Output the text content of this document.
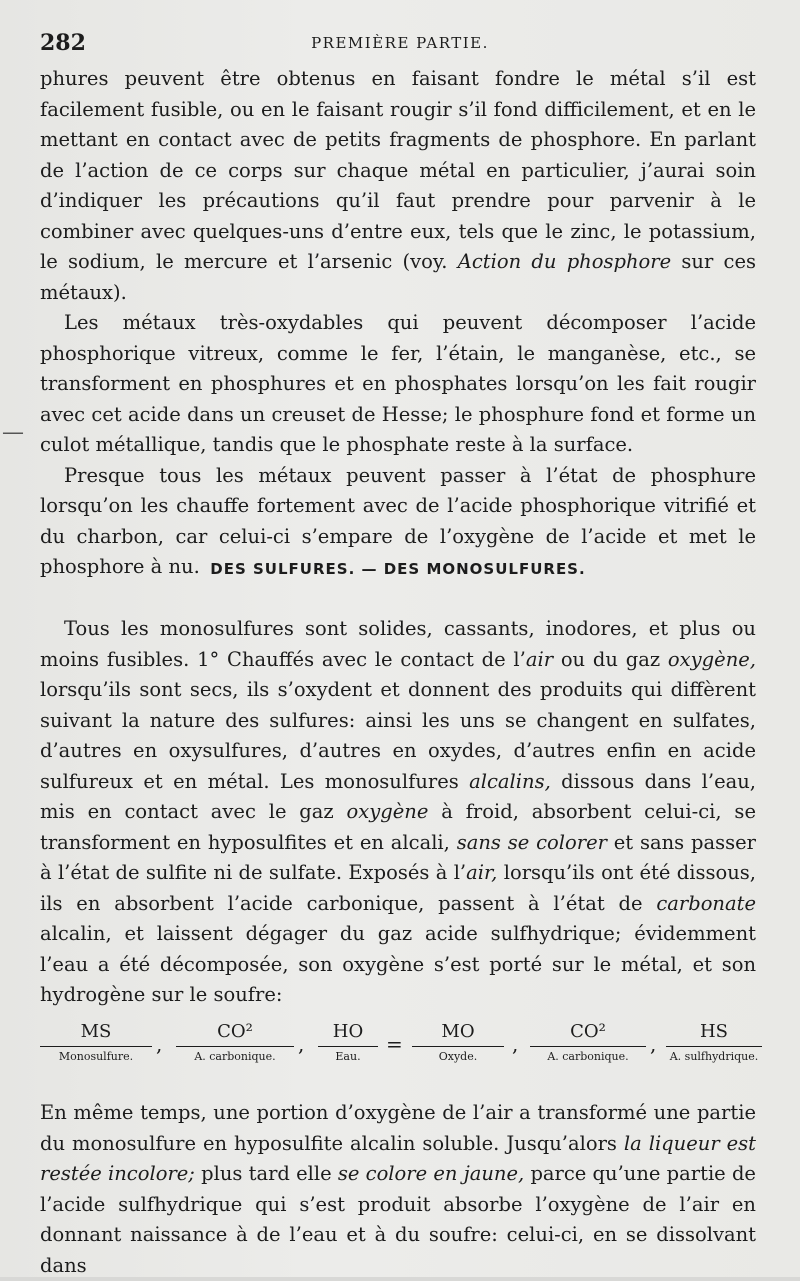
282	PREMIÈRE PARTIE.
—

phures peuvent être obtenus en faisant fondre le métal s’il est facilement fusible, ou en le faisant rougir s’il fond difficilement, et en le mettant en contact avec de petits fragments de phosphore. En parlant de l’action de ce corps sur chaque métal en particulier, j’aurai soin d’indiquer les précautions qu’il faut prendre pour parvenir à le combiner avec quelques-uns d’entre eux, tels que le zinc, le potassium, le sodium, le mercure et l’arsenic (voy. Action du phosphore sur ces métaux).

Les métaux très-oxydables qui peuvent décomposer l’acide phosphorique vitreux, comme le fer, l’étain, le manganèse, etc., se transforment en phosphures et en phosphates lorsqu’on les fait rougir avec cet acide dans un creuset de Hesse; le phosphure fond et forme un culot métallique, tandis que le phosphate reste à la surface.

Presque tous les métaux peuvent passer à l’état de phosphure lorsqu’on les chauffe fortement avec de l’acide phosphorique vitrifié et du charbon, car celui-ci s’empare de l’oxygène de l’acide et met le phosphore à nu. DES SULFURES. — DES MONOSULFURES.

Tous les monosulfures sont solides, cassants, inodores, et plus ou moins fusibles. 1° Chauffés avec le contact de l’air ou du gaz oxygène, lorsqu’ils sont secs, ils s’oxydent et donnent des produits qui diffèrent suivant la nature des sulfures: ainsi les uns se changent en sulfates, d’autres en oxysulfures, d’autres en oxydes, d’autres enfin en acide sulfureux et en métal. Les monosulfures alcalins, dissous dans l’eau, mis en contact avec le gaz oxygène à froid, absorbent celui-ci, se transforment en hyposulfites et en alcali, sans se colorer et sans passer à l’état de sulfite ni de sulfate. Exposés à l’air, lorsqu’ils ont été dissous, ils en absorbent l’acide carbonique, passent à l’état de carbonate alcalin, et laissent dégager du gaz acide sulfhydrique; évidemment l’eau a été décomposée, son oxygène s’est porté sur le métal, et son hydrogène sur le soufre:

MS
Monosulfure.
,
CO²
A. carbonique.
,
HO
Eau.
=
MO
Oxyde.
,
CO²
A. carbonique.
,
HS
A. sulfhydrique.

En même temps, une portion d’oxygène de l’air a transformé une partie du monosulfure en hyposulfite alcalin soluble. Jusqu’alors la liqueur est restée incolore; plus tard elle se colore en jaune, parce qu’une partie de l’acide sulfhydrique qui s’est produit absorbe l’oxygène de l’air en donnant naissance à de l’eau et à du soufre: celui-ci, en se dissolvant dans
